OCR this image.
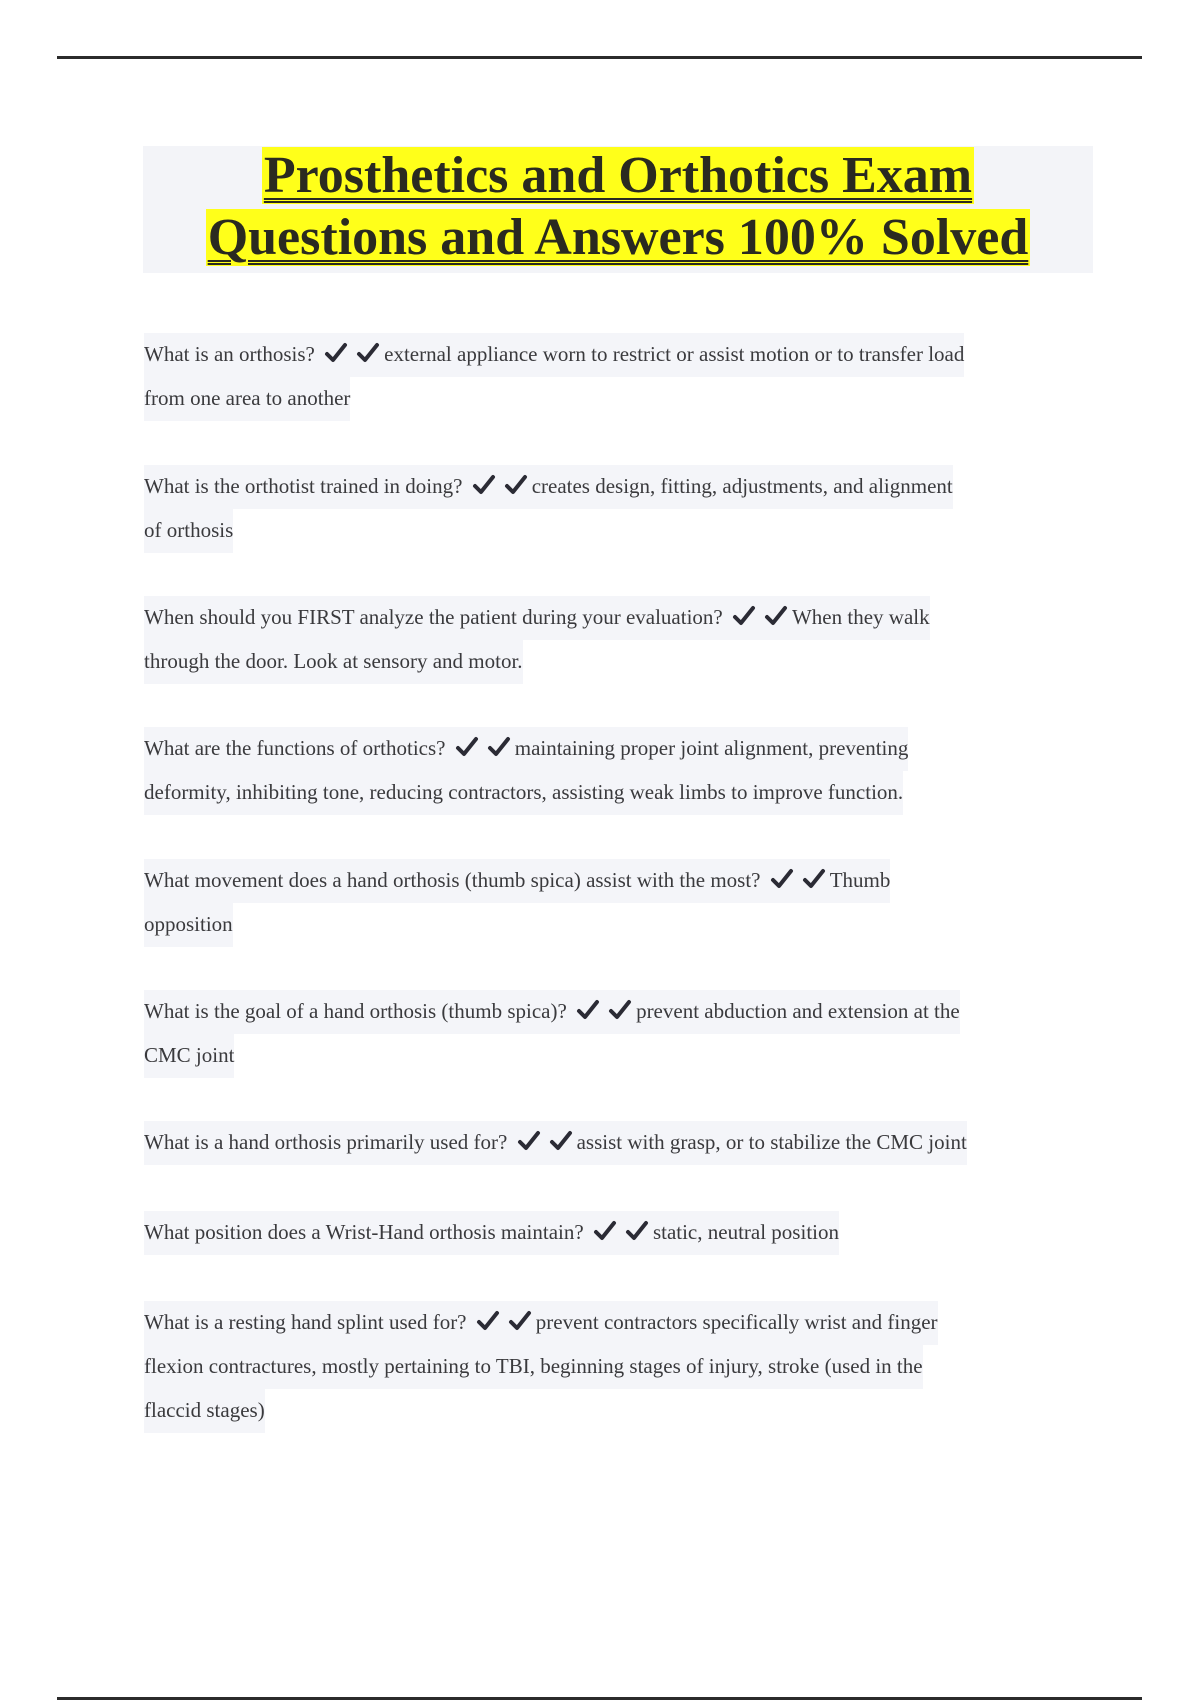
Prosthetics and Orthotics Exam
Questions and Answers 100% Solved
What is an orthosis?	external appliance worn to restrict or assist motion or to transfer load
from one area to another
What is the orthotist trained in doing?	creates design, fitting, adjustments, and alignment
of orthosis
When should you FIRST analyze the patient during your evaluation?	When they walk
through the door. Look at sensory and motor.
What are the functions of orthotics?	maintaining proper joint alignment, preventing
deformity, inhibiting tone, reducing contractors, assisting weak limbs to improve function.
What movement does a hand orthosis (thumb spica) assist with the most?	Thumb
opposition
What is the goal of a hand orthosis (thumb spica)?	prevent abduction and extension at the
CMC joint
What is a hand orthosis primarily used for?	assist with grasp, or to stabilize the CMC joint
What position does a Wrist-Hand orthosis maintain?	static, neutral position
What is a resting hand splint used for?	prevent contractors specifically wrist and finger
flexion contractures, mostly pertaining to TBI, beginning stages of injury, stroke (used in the
flaccid stages)
